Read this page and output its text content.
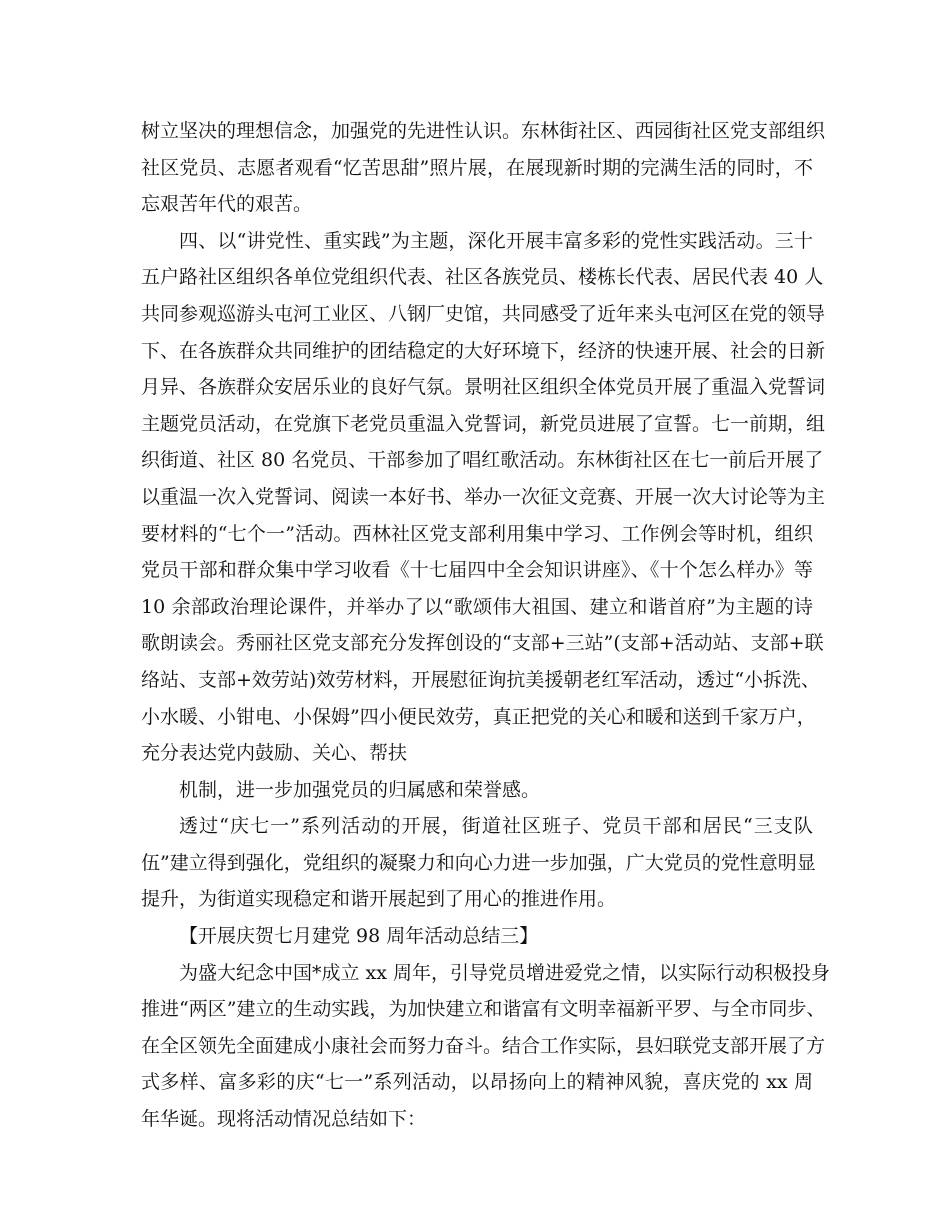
树立坚决的理想信念，加强党的先进性认识。东林街社区、西园街社区党支部组织
社区党员、志愿者观看“忆苦思甜”照片展，在展现新时期的完满生活的同时，不
忘艰苦年代的艰苦。
四、以“讲党性、重实践”为主题，深化开展丰富多彩的党性实践活动。三十
五户路社区组织各单位党组织代表、社区各族党员、楼栋长代表、居民代表 40 人
共同参观巡游头屯河工业区、八钢厂史馆，共同感受了近年来头屯河区在党的领导
下、在各族群众共同维护的团结稳定的大好环境下，经济的快速开展、社会的日新
月异、各族群众安居乐业的良好气氛。景明社区组织全体党员开展了重温入党誓词
主题党员活动，在党旗下老党员重温入党誓词，新党员进展了宣誓。七一前期，组
织街道、社区 80 名党员、干部参加了唱红歌活动。东林街社区在七一前后开展了
以重温一次入党誓词、阅读一本好书、举办一次征文竞赛、开展一次大讨论等为主
要材料的“七个一”活动。西林社区党支部利用集中学习、工作例会等时机，组织
党员干部和群众集中学习收看《十七届四中全会知识讲座》、《十个怎么样办》等
10 余部政治理论课件，并举办了以“歌颂伟大祖国、建立和谐首府”为主题的诗
歌朗读会。秀丽社区党支部充分发挥创设的“支部+三站”(支部+活动站、支部+联
络站、支部+效劳站)效劳材料，开展慰征询抗美援朝老红军活动，透过“小拆洗、
小水暖、小钳电、小保姆”四小便民效劳，真正把党的关心和暖和送到千家万户，
充分表达党内鼓励、关心、帮扶
机制，进一步加强党员的归属感和荣誉感。
透过“庆七一”系列活动的开展，街道社区班子、党员干部和居民“三支队
伍”建立得到强化，党组织的凝聚力和向心力进一步加强，广大党员的党性意明显
提升，为街道实现稳定和谐开展起到了用心的推进作用。
【开展庆贺七月建党 98 周年活动总结三】
为盛大纪念中国*成立 xx 周年，引导党员增进爱党之情，以实际行动积极投身
推进“两区”建立的生动实践，为加快建立和谐富有文明幸福新平罗、与全市同步、
在全区领先全面建成小康社会而努力奋斗。结合工作实际，县妇联党支部开展了方
式多样、富多彩的庆“七一”系列活动，以昂扬向上的精神风貌，喜庆党的 xx 周
年华诞。现将活动情况总结如下：
